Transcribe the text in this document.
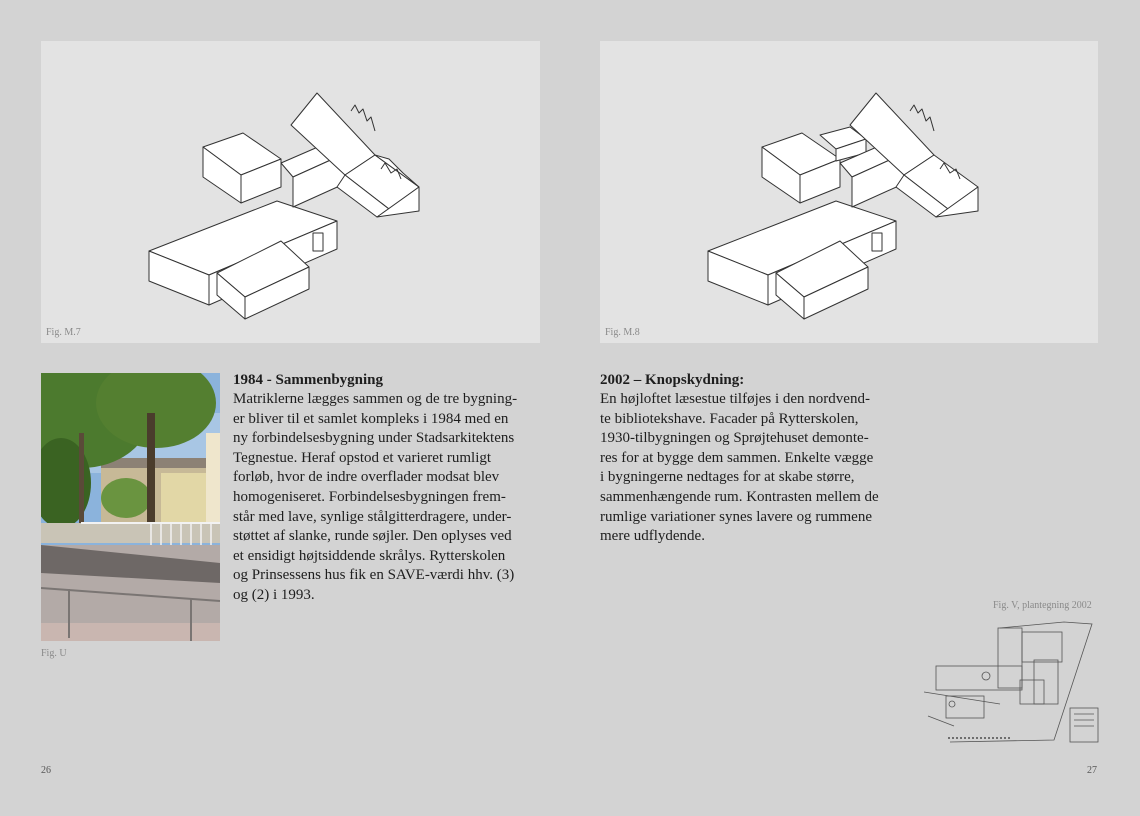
Fig. M.7
Fig. U
1984 - Sammenbygning
Matriklerne lægges sammen og de tre bygning-
er bliver til et samlet kompleks i 1984 med en
ny forbindelsesbygning under Stadsarkitektens
Tegnestue. Heraf opstod et varieret rumligt
forløb, hvor de indre overflader modsat blev
homogeniseret. Forbindelsesbygningen frem-
står med lave, synlige stålgitterdragere, under-
støttet af slanke, runde søjler. Den oplyses ved
et ensidigt højtsiddende skrålys. Rytterskolen
og Prinsessens hus fik en SAVE-værdi hhv. (3)
og (2) i 1993.
26
Fig. M.8
2002 – Knopskydning:
En højloftet læsestue tilføjes i den nordvend-
te bibliotekshave. Facader på Rytterskolen,
1930-tilbygningen og Sprøjtehuset demonte-
res for at bygge dem sammen. Enkelte vægge
i bygningerne nedtages for at skabe større,
sammenhængende rum. Kontrasten mellem de
rumlige variationer synes lavere og rummene
mere udflydende.
Fig. V, plantegning 2002
27
